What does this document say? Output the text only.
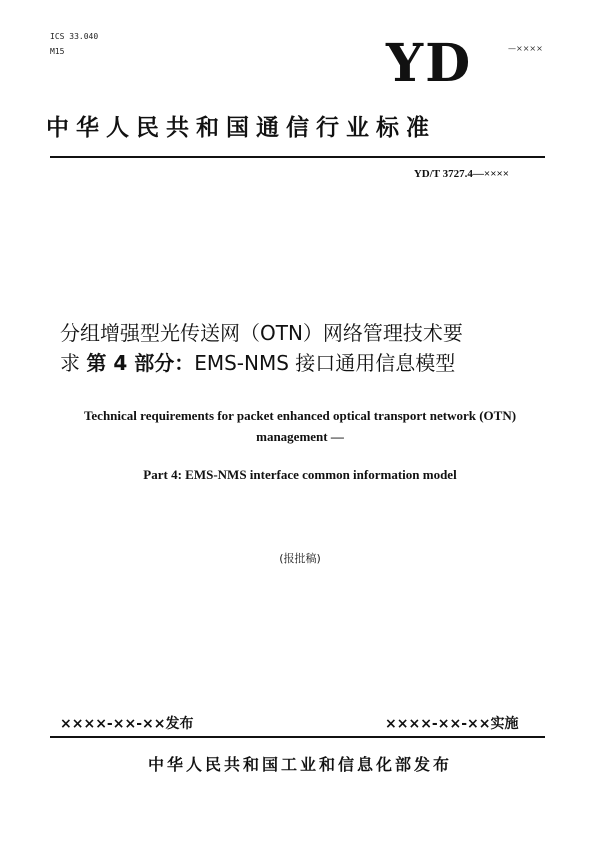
ICS 33.040
M15	YD	—××××
中华人民共和国通信行业标准
YD/T 3727.4—××××
分组增强型光传送网（OTN）网络管理技术要
求 第 4 部分：EMS-NMS 接口通用信息模型
Technical requirements for packet enhanced optical transport network (OTN)
management —
Part 4: EMS-NMS interface common information model
(报批稿)
××××-××-××发布	××××-××-××实施
中华人民共和国工业和信息化部发布
